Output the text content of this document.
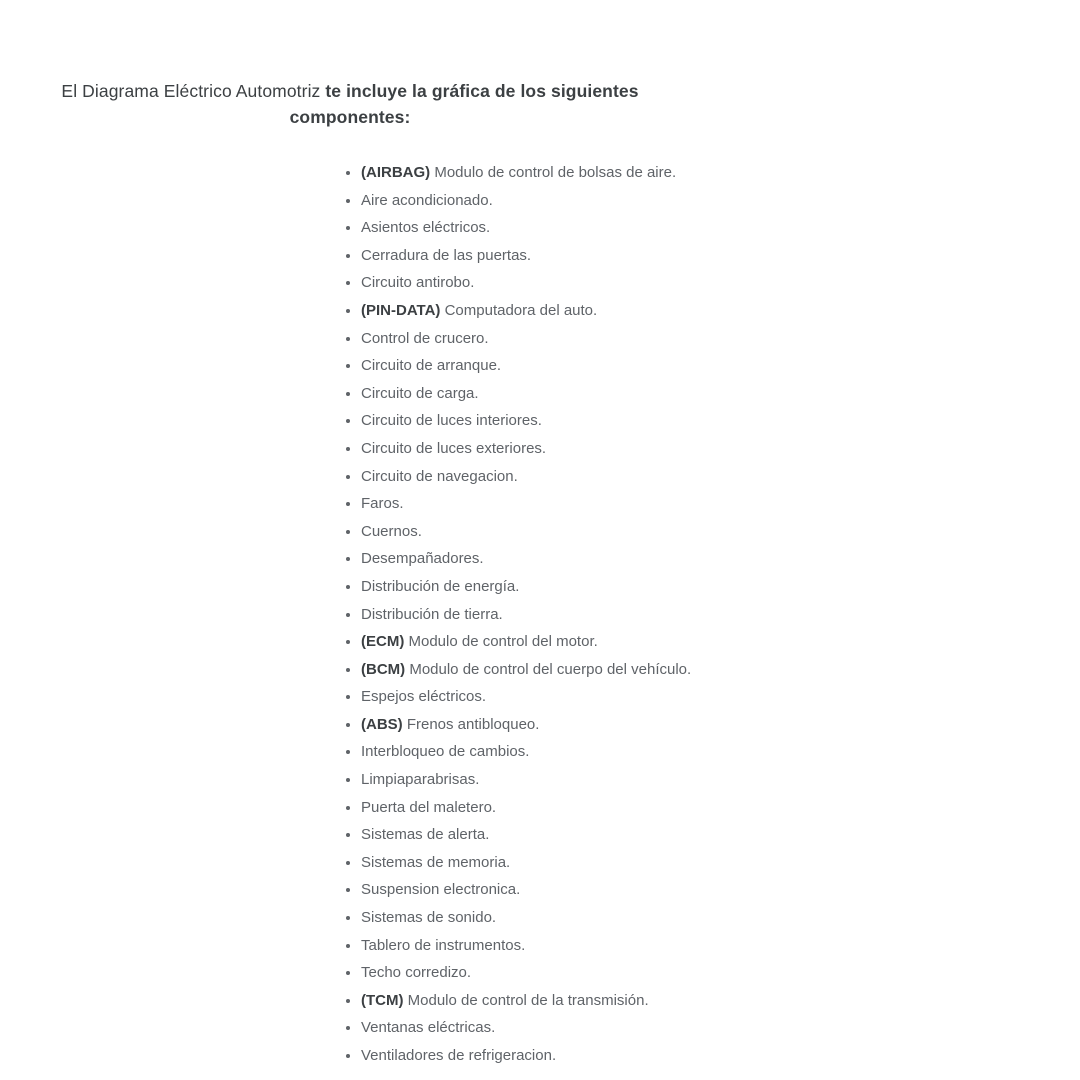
El Diagrama Eléctrico Automotriz te incluye la gráfica de los siguientes componentes:
(AIRBAG) Modulo de control de bolsas de aire.
Aire acondicionado.
Asientos eléctricos.
Cerradura de las puertas.
Circuito antirobo.
(PIN-DATA) Computadora del auto.
Control de crucero.
Circuito de arranque.
Circuito de carga.
Circuito de luces interiores.
Circuito de luces exteriores.
Circuito de navegacion.
Faros.
Cuernos.
Desempañadores.
Distribución de energía.
Distribución de tierra.
(ECM) Modulo de control del motor.
(BCM) Modulo de control del cuerpo del vehículo.
Espejos eléctricos.
(ABS) Frenos antibloqueo.
Interbloqueo de cambios.
Limpiaparabrisas.
Puerta del maletero.
Sistemas de alerta.
Sistemas de memoria.
Suspension electronica.
Sistemas de sonido.
Tablero de instrumentos.
Techo corredizo.
(TCM) Modulo de control de la transmisión.
Ventanas eléctricas.
Ventiladores de refrigeracion.
